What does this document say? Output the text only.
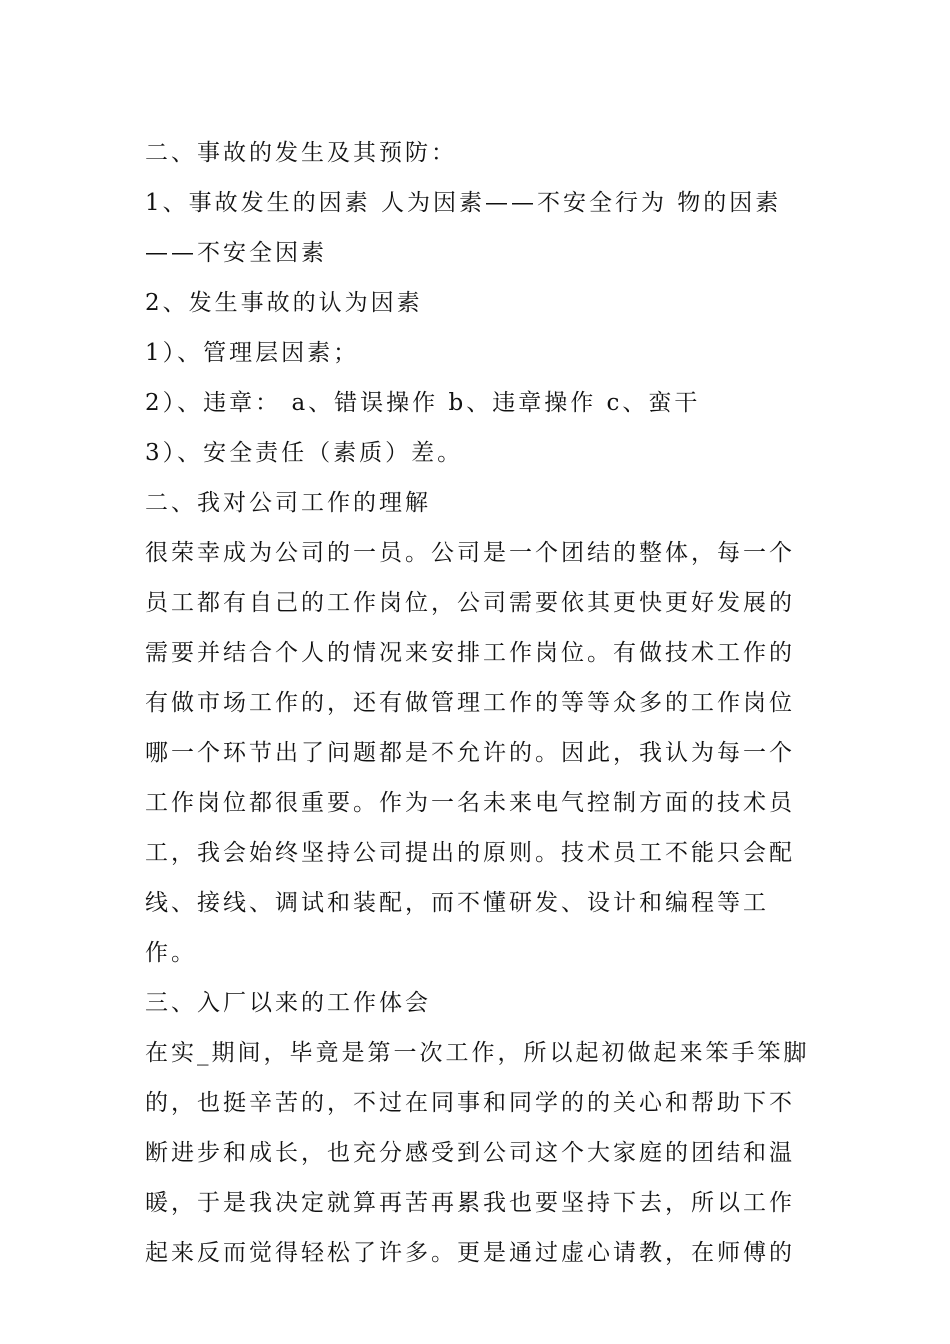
二、事故的发生及其预防：

1、事故发生的因素 人为因素——不安全行为 物的因素——不安全因素

2、发生事故的认为因素

1）、管理层因素；

2）、违章： a、错误操作 b、违章操作 c、蛮干

3）、安全责任（素质）差。

二、我对公司工作的理解

很荣幸成为公司的一员。公司是一个团结的整体，每一个员工都有自己的工作岗位，公司需要依其更快更好发展的需要并结合个人的情况来安排工作岗位。有做技术工作的有做市场工作的，还有做管理工作的等等众多的工作岗位哪一个环节出了问题都是不允许的。因此，我认为每一个工作岗位都很重要。作为一名未来电气控制方面的技术员工，我会始终坚持公司提出的原则。技术员工不能只会配线、接线、调试和装配，而不懂研发、设计和编程等工作。

三、入厂以来的工作体会

在实_期间，毕竟是第一次工作，所以起初做起来笨手笨脚的，也挺辛苦的，不过在同事和同学的的关心和帮助下不断进步和成长，也充分感受到公司这个大家庭的团结和温暖，于是我决定就算再苦再累我也要坚持下去，所以工作起来反而觉得轻松了许多。更是通过虚心请教，在师傅的
